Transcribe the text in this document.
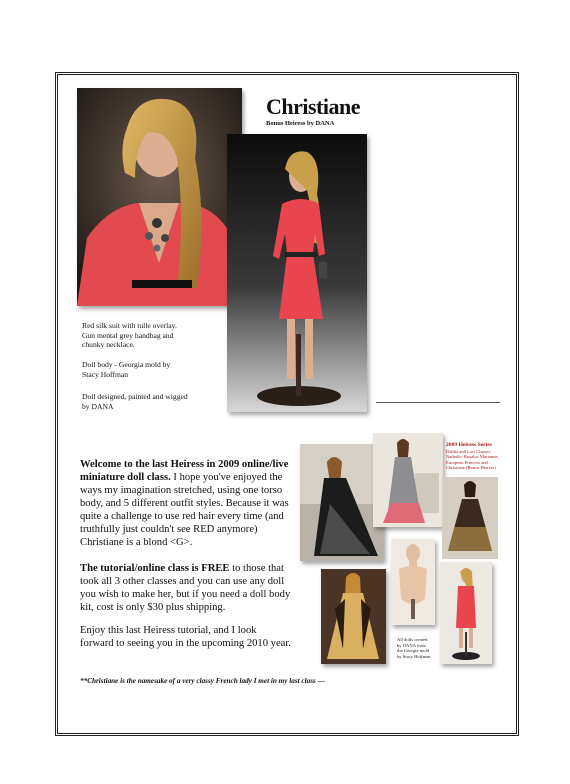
Christiane
Bonus Heiress by DANA
Red silk suit with tulle overlay.
Gun mental grey handbag and
chunky necklace.
Doll body - Georgia mold by
Stacy Hoffman
Doll designed, painted and wigged
by DANA
Welcome to the last Heiress in 2009 online/live miniature doll class. I hope you've enjoyed the ways my imagination stretched, using one torso body, and 5 different outfit styles. Because it was quite a challenge to use red hair every time (and truthfully just couldn't see RED anymore) Christiane is a blond <G>.
The tutorial/online class is FREE to those that took all 3 other classes and you can use any doll you wish to make her, but if you need a doll body kit, cost is only $30 plus shipping.
Enjoy this last Heiress tutorial, and I look forward to seeing you in the upcoming 2010 year.
**Christiane is the namesake of a very classy French lady I met in my last class —
2009 Heiress Series
Dahlia and Lori Classes:
Nathalie, Rosalia, Marianne,
European Princess and
Christiane (Bonus Heiress)
All dolls created
by DANA from
the Georgia mold
by Stacy Hoffman
